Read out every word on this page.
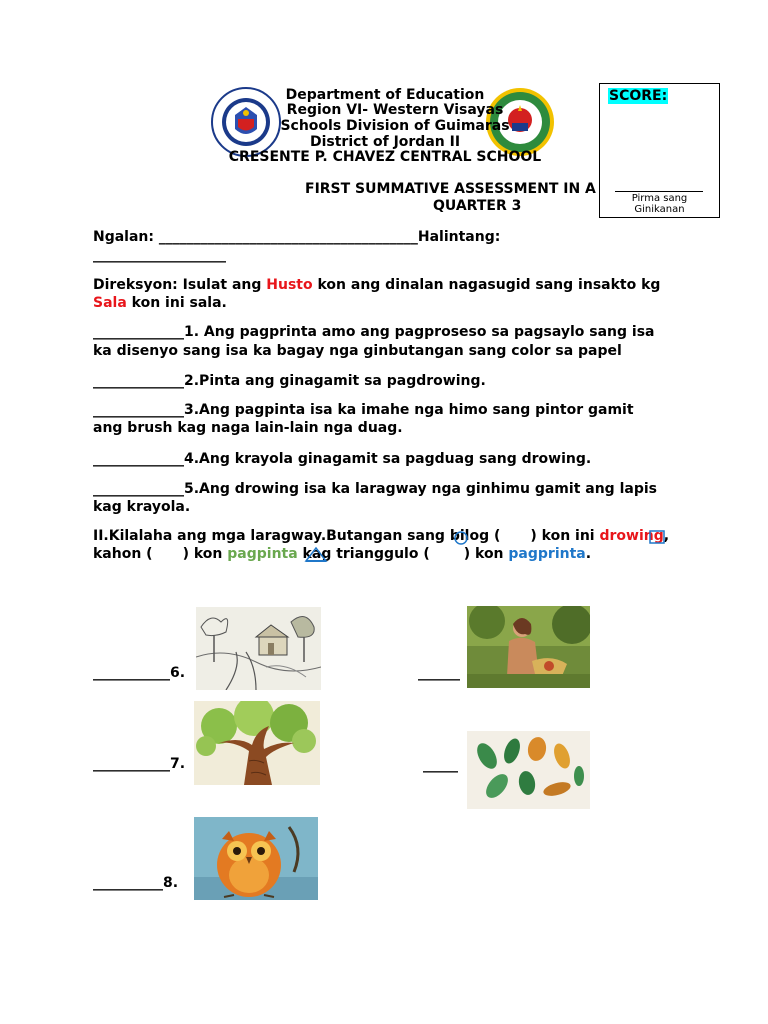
Department of Education
Region VI- Western Visayas
Schools Division of Guimaras
District of Jordan II
CRESENTE P. CHAVEZ CENTRAL SCHOOL
FIRST SUMMATIVE ASSESSMENT IN A
QUARTER 3
SCORE:
Pirma sang
Ginikanan
Ngalan: _____________________________________Halintang:
___________________
Direksyon: Isulat ang Husto kon ang dinalan nagasugid sang insakto kg
Sala kon ini sala.
_____________1. Ang pagprinta amo ang pagproseso sa pagsaylo sang isa
ka disenyo sang isa ka bagay nga ginbutangan sang color sa papel
_____________2.Pinta ang ginagamit sa pagdrowing.
_____________3.Ang pagpinta isa ka imahe nga himo sang pintor gamit
ang brush kag naga lain-lain nga duag.
_____________4.Ang krayola ginagamit sa pagduag sang drowing.
_____________5.Ang drowing isa ka laragway nga ginhimu gamit ang lapis
kag krayola.
II.Kilalaha ang mga laragway.Butangan sang bilog ( ) kon ini drowing,
kahon ( ) kon pagpinta kag trianggulo ( ) kon pagprinta.
___________6.	______
___________7.	_____
__________8.
